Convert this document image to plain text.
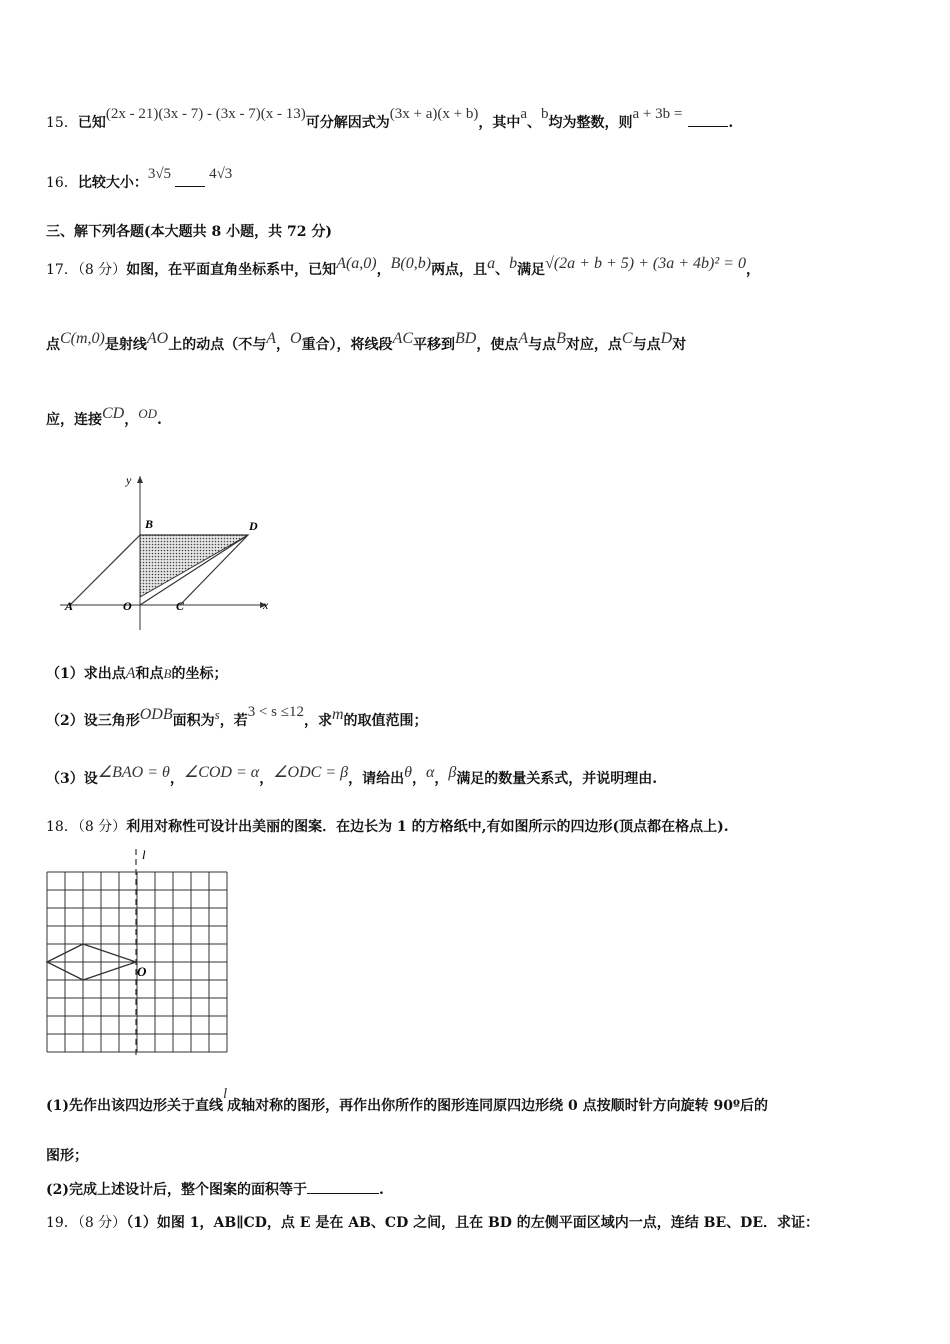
15．已知(2x - 21)(3x - 7) - (3x - 7)(x - 13)可分解因式为(3x + a)(x + b)，其中a、b均为整数，则a + 3b =.
16．比较大小：3√5	4√3
三、解下列各题(本大题共 8 小题，共 72 分)
17．（8 分）如图，在平面直角坐标系中，已知A(a,0)，B(0,b)两点，且a、b满足√(2a + b + 5) + (3a + 4b)² = 0，
点C(m,0)是射线AO上的动点（不与A，O重合），将线段AC平移到BD，使点A与点B对应，点C与点D对
应，连接CD，OD.
y
x
B	D
A	O	C
（1）求出点A和点B的坐标；
（2）设三角形ODB面积为s，若3 < s ≤12，求m的取值范围；
（3）设∠BAO = θ，∠COD = α，∠ODC = β，请给出θ，α，β满足的数量关系式，并说明理由.
18．（8 分）利用对称性可设计出美丽的图案．在边长为 1 的方格纸中,有如图所示的四边形(顶点都在格点上).
l
O
(1)先作出该四边形关于直线l成轴对称的图形，再作出你所作的图形连同原四边形绕 0 点按顺时针方向旋转 90º后的
图形；
(2)完成上述设计后，整个图案的面积等于	.
19．（8 分）（1）如图 1，AB∥CD，点 E 是在 AB、CD 之间，且在 BD 的左侧平面区域内一点，连结 BE、DE．求证：
